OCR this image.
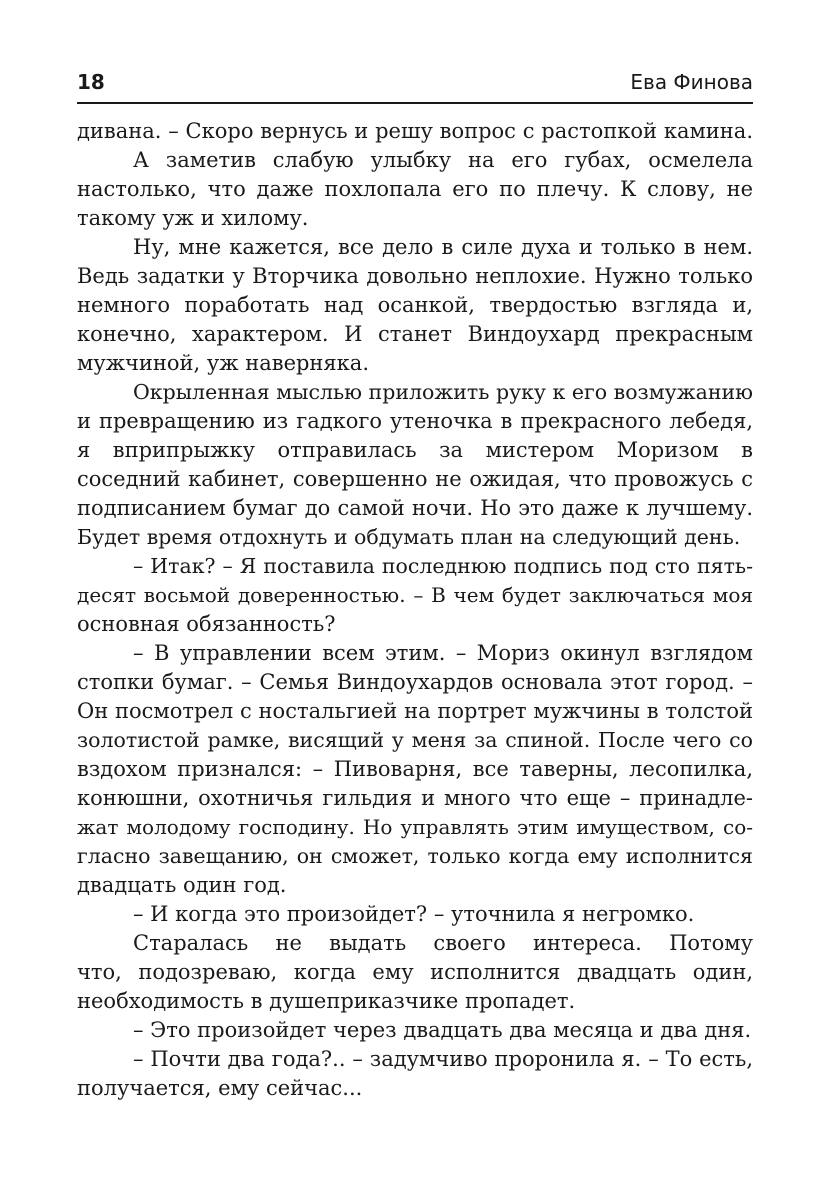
18	Ева Финова
дивана. – Скоро вернусь и решу вопрос с растопкой камина.
А заметив слабую улыбку на его губах, осмелела
настолько, что даже похлопала его по плечу. К слову, не
такому уж и хилому.
Ну, мне кажется, все дело в силе духа и только в нем.
Ведь задатки у Вторчика довольно неплохие. Нужно только
немного поработать над осанкой, твердостью взгляда и,
конечно, характером. И станет Виндоухард прекрасным
мужчиной, уж наверняка.
Окрыленная мыслью приложить руку к его возмужанию
и превращению из гадкого утеночка в прекрасного лебедя,
я вприпрыжку отправилась за мистером Моризом в
соседний кабинет, совершенно не ожидая, что провожусь с
подписанием бумаг до самой ночи. Но это даже к лучшему.
Будет время отдохнуть и обдумать план на следующий день.
– Итак? – Я поставила последнюю подпись под сто пять-
десят восьмой доверенностью. – В чем будет заключаться моя
основная обязанность?
– В управлении всем этим. – Мориз окинул взглядом
стопки бумаг. – Семья Виндоухардов основала этот город. –
Он посмотрел с ностальгией на портрет мужчины в толстой
золотистой рамке, висящий у меня за спиной. После чего со
вздохом признался: – Пивоварня, все таверны, лесопилка,
конюшни, охотничья гильдия и много что еще – принадле-
жат молодому господину. Но управлять этим имуществом, со-
гласно завещанию, он сможет, только когда ему исполнится
двадцать один год.
– И когда это произойдет? – уточнила я негромко.
Старалась не выдать своего интереса. Потому
что, подозреваю, когда ему исполнится двадцать один,
необходимость в душеприказчике пропадет.
– Это произойдет через двадцать два месяца и два дня.
– Почти два года?.. – задумчиво проронила я. – То есть,
получается, ему сейчас...
